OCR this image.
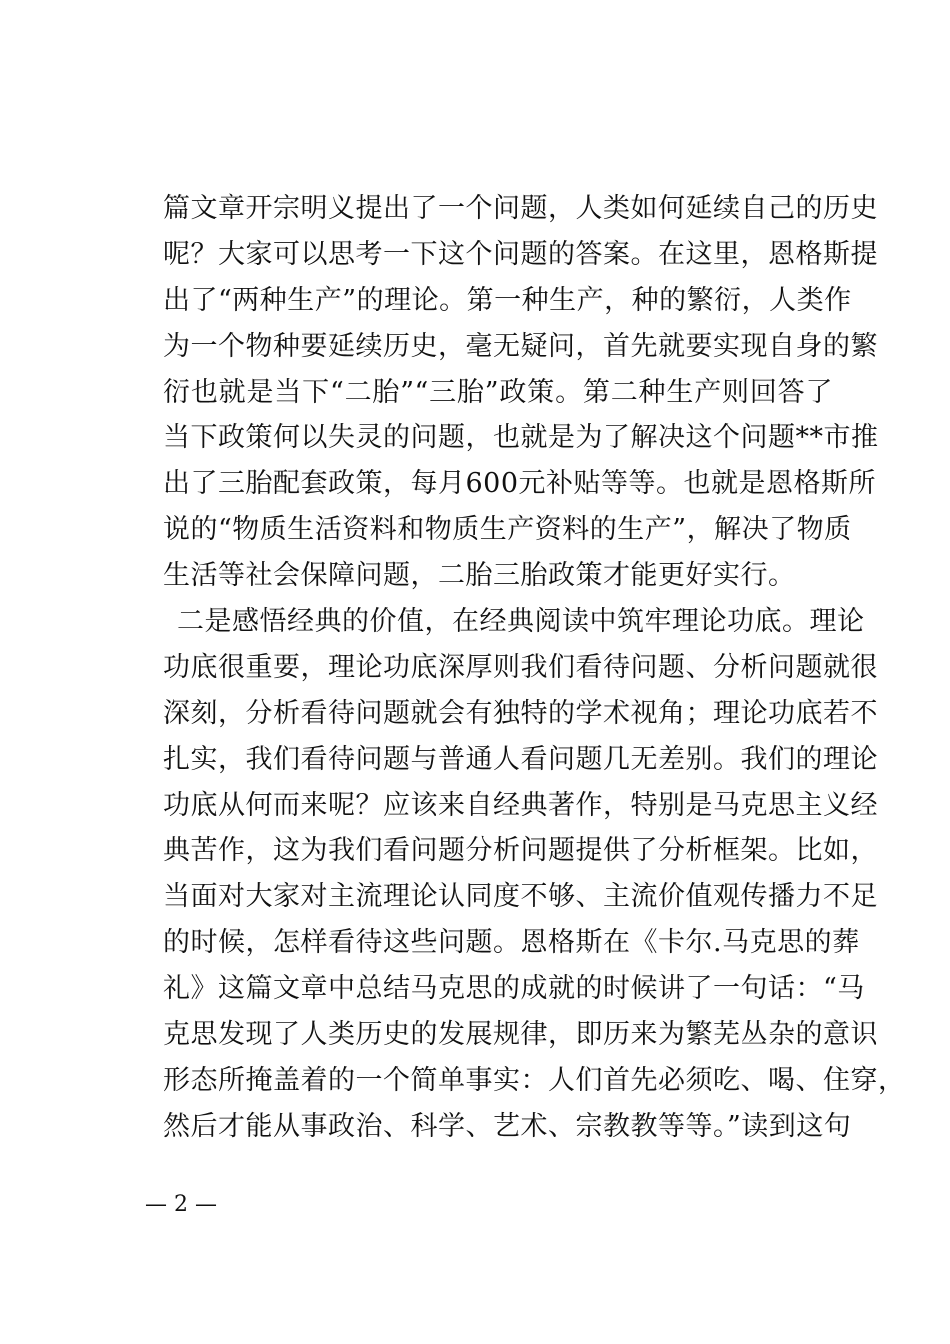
篇文章开宗明义提出了一个问题，人类如何延续自己的历史
呢？大家可以思考一下这个问题的答案。在这里，恩格斯提
出了“两种生产”的理论。第一种生产，种的繁衍，人类作
为一个物种要延续历史，毫无疑问，首先就要实现自身的繁
衍也就是当下“二胎”“三胎”政策。第二种生产则回答了
当下政策何以失灵的问题，也就是为了解决这个问题**市推
出了三胎配套政策，每月600元补贴等等。也就是恩格斯所
说的“物质生活资料和物质生产资料的生产”，解决了物质
生活等社会保障问题，二胎三胎政策才能更好实行。
二是感悟经典的价值，在经典阅读中筑牢理论功底。理论
功底很重要，理论功底深厚则我们看待问题、分析问题就很
深刻，分析看待问题就会有独特的学术视角；理论功底若不
扎实，我们看待问题与普通人看问题几无差别。我们的理论
功底从何而来呢？应该来自经典著作，特别是马克思主义经
典苦作，这为我们看问题分析问题提供了分析框架。比如，
当面对大家对主流理论认同度不够、主流价值观传播力不足
的时候，怎样看待这些问题。恩格斯在《卡尔.马克思的葬
礼》这篇文章中总结马克思的成就的时候讲了一句话：“马
克思发现了人类历史的发展规律，即历来为繁芜丛杂的意识
形态所掩盖着的一个简单事实：人们首先必须吃、喝、住穿，
然后才能从事政治、科学、艺术、宗教教等等。”读到这句
— 2 —
